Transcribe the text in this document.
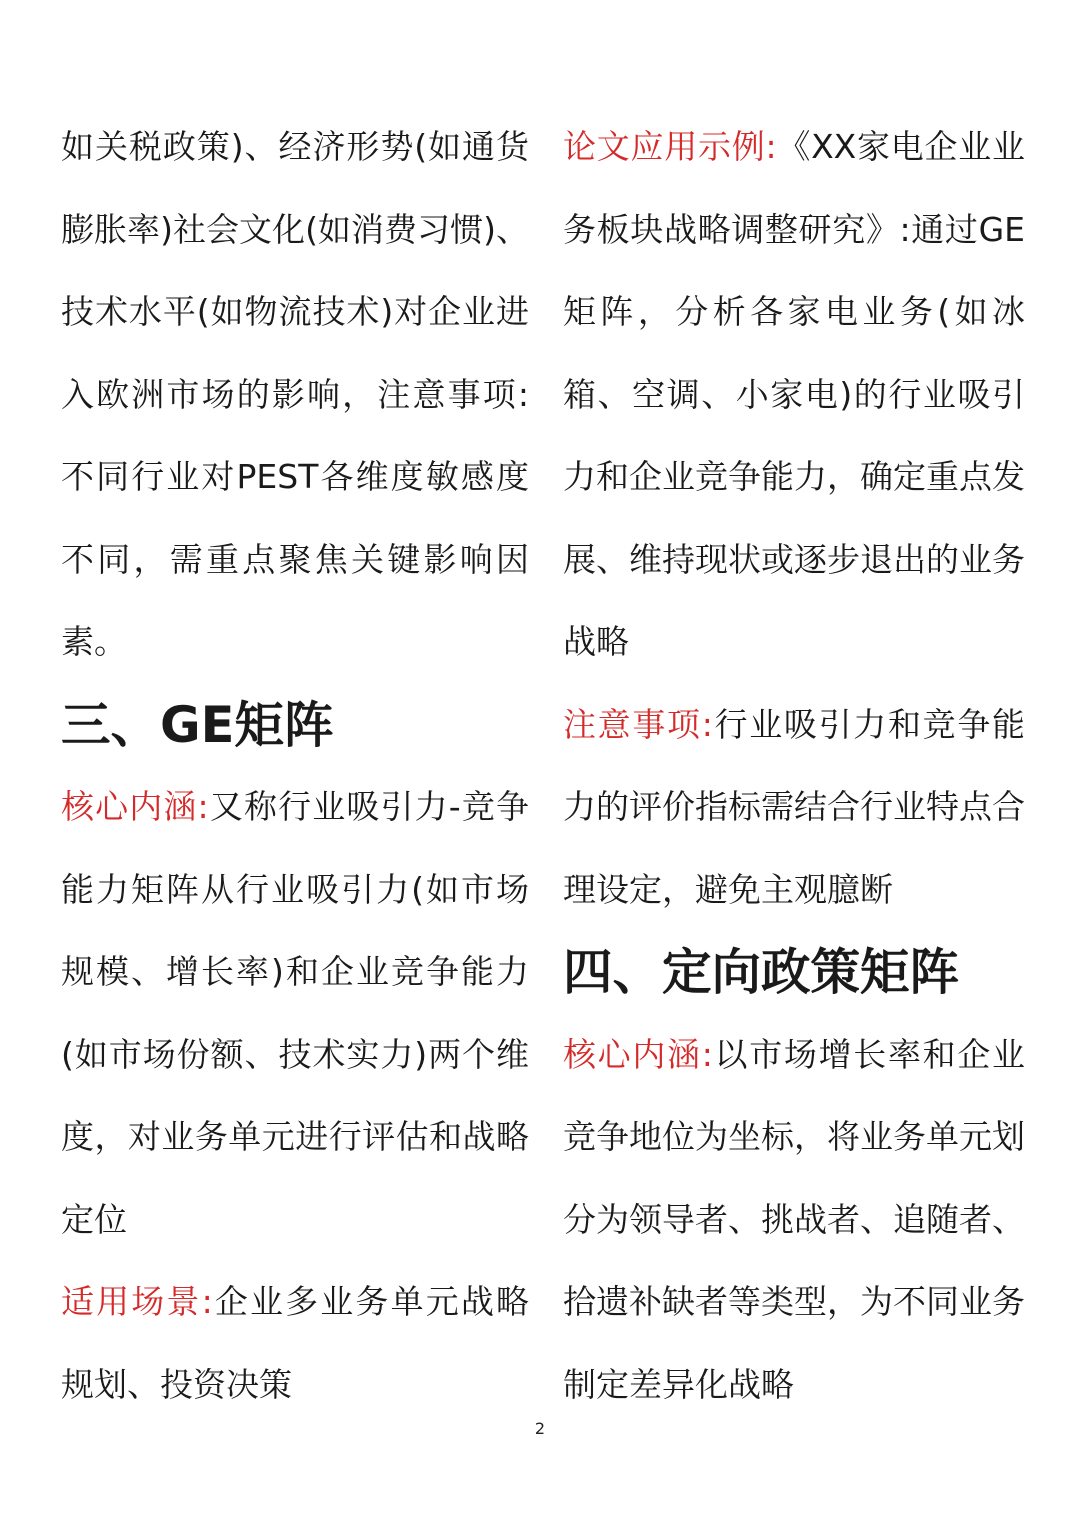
如关税政策)、经济形势(如通货膨胀率)社会文化(如消费习惯)、技术水平(如物流技术)对企业进入欧洲市场的影响，注意事项:不同行业对PEST各维度敏感度不同，需重点聚焦关键影响因素。

三、GE矩阵

核心内涵:又称行业吸引力-竞争能力矩阵从行业吸引力(如市场规模、增长率)和企业竞争能力(如市场份额、技术实力)两个维度，对业务单元进行评估和战略定位

适用场景:企业多业务单元战略规划、投资决策

论文应用示例:《XX家电企业业务板块战略调整研究》:通过GE矩阵，分析各家电业务(如冰箱、空调、小家电)的行业吸引力和企业竞争能力，确定重点发展、维持现状或逐步退出的业务战略

注意事项:行业吸引力和竞争能力的评价指标需结合行业特点合理设定，避免主观臆断

四、定向政策矩阵

核心内涵:以市场增长率和企业竞争地位为坐标，将业务单元划分为领导者、挑战者、追随者、拾遗补缺者等类型，为不同业务制定差异化战略

2
